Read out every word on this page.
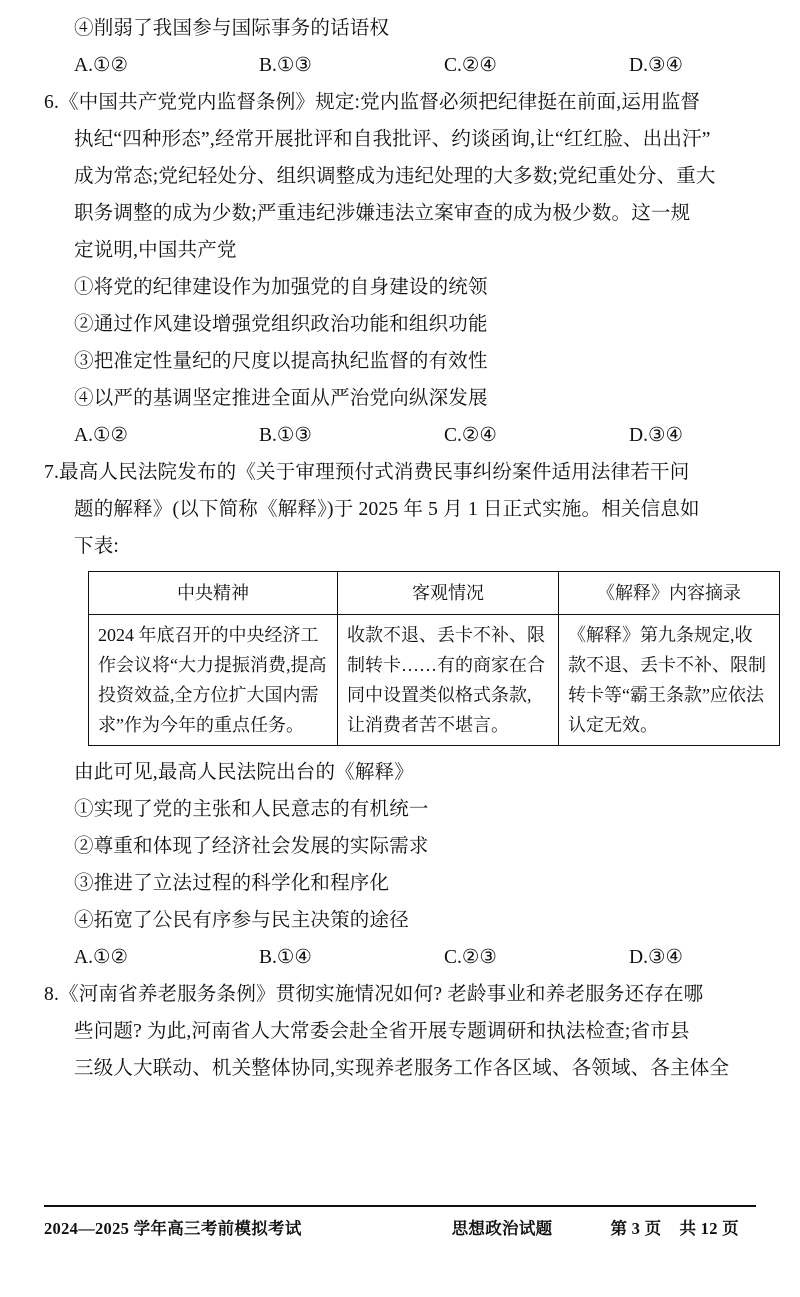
④削弱了我国参与国际事务的话语权
A.①②	B.①③	C.②④	D.③④
6.《中国共产党党内监督条例》规定:党内监督必须把纪律挺在前面,运用监督
执纪“四种形态”,经常开展批评和自我批评、约谈函询,让“红红脸、出出汗”
成为常态;党纪轻处分、组织调整成为违纪处理的大多数;党纪重处分、重大
职务调整的成为少数;严重违纪涉嫌违法立案审查的成为极少数。这一规
定说明,中国共产党
①将党的纪律建设作为加强党的自身建设的统领
②通过作风建设增强党组织政治功能和组织功能
③把准定性量纪的尺度以提高执纪监督的有效性
④以严的基调坚定推进全面从严治党向纵深发展
A.①②	B.①③	C.②④	D.③④
7.最高人民法院发布的《关于审理预付式消费民事纠纷案件适用法律若干问
题的解释》(以下简称《解释》)于 2025 年 5 月 1 日正式实施。相关信息如
下表:
中央精神	客观情况	《解释》内容摘录
2024 年底召开的中央经济工作会议将“大力提振消费,提高投资效益,全方位扩大国内需求”作为今年的重点任务。	收款不退、丢卡不补、限制转卡……有的商家在合同中设置类似格式条款,让消费者苦不堪言。	《解释》第九条规定,收款不退、丢卡不补、限制转卡等“霸王条款”应依法认定无效。
由此可见,最高人民法院出台的《解释》
①实现了党的主张和人民意志的有机统一
②尊重和体现了经济社会发展的实际需求
③推进了立法过程的科学化和程序化
④拓宽了公民有序参与民主决策的途径
A.①②	B.①④	C.②③	D.③④
8.《河南省养老服务条例》贯彻实施情况如何? 老龄事业和养老服务还存在哪
些问题? 为此,河南省人大常委会赴全省开展专题调研和执法检查;省市县
三级人大联动、机关整体协同,实现养老服务工作各区域、各领域、各主体全
2024—2025 学年高三考前模拟考试	思想政治试题	第 3 页 共 12 页
